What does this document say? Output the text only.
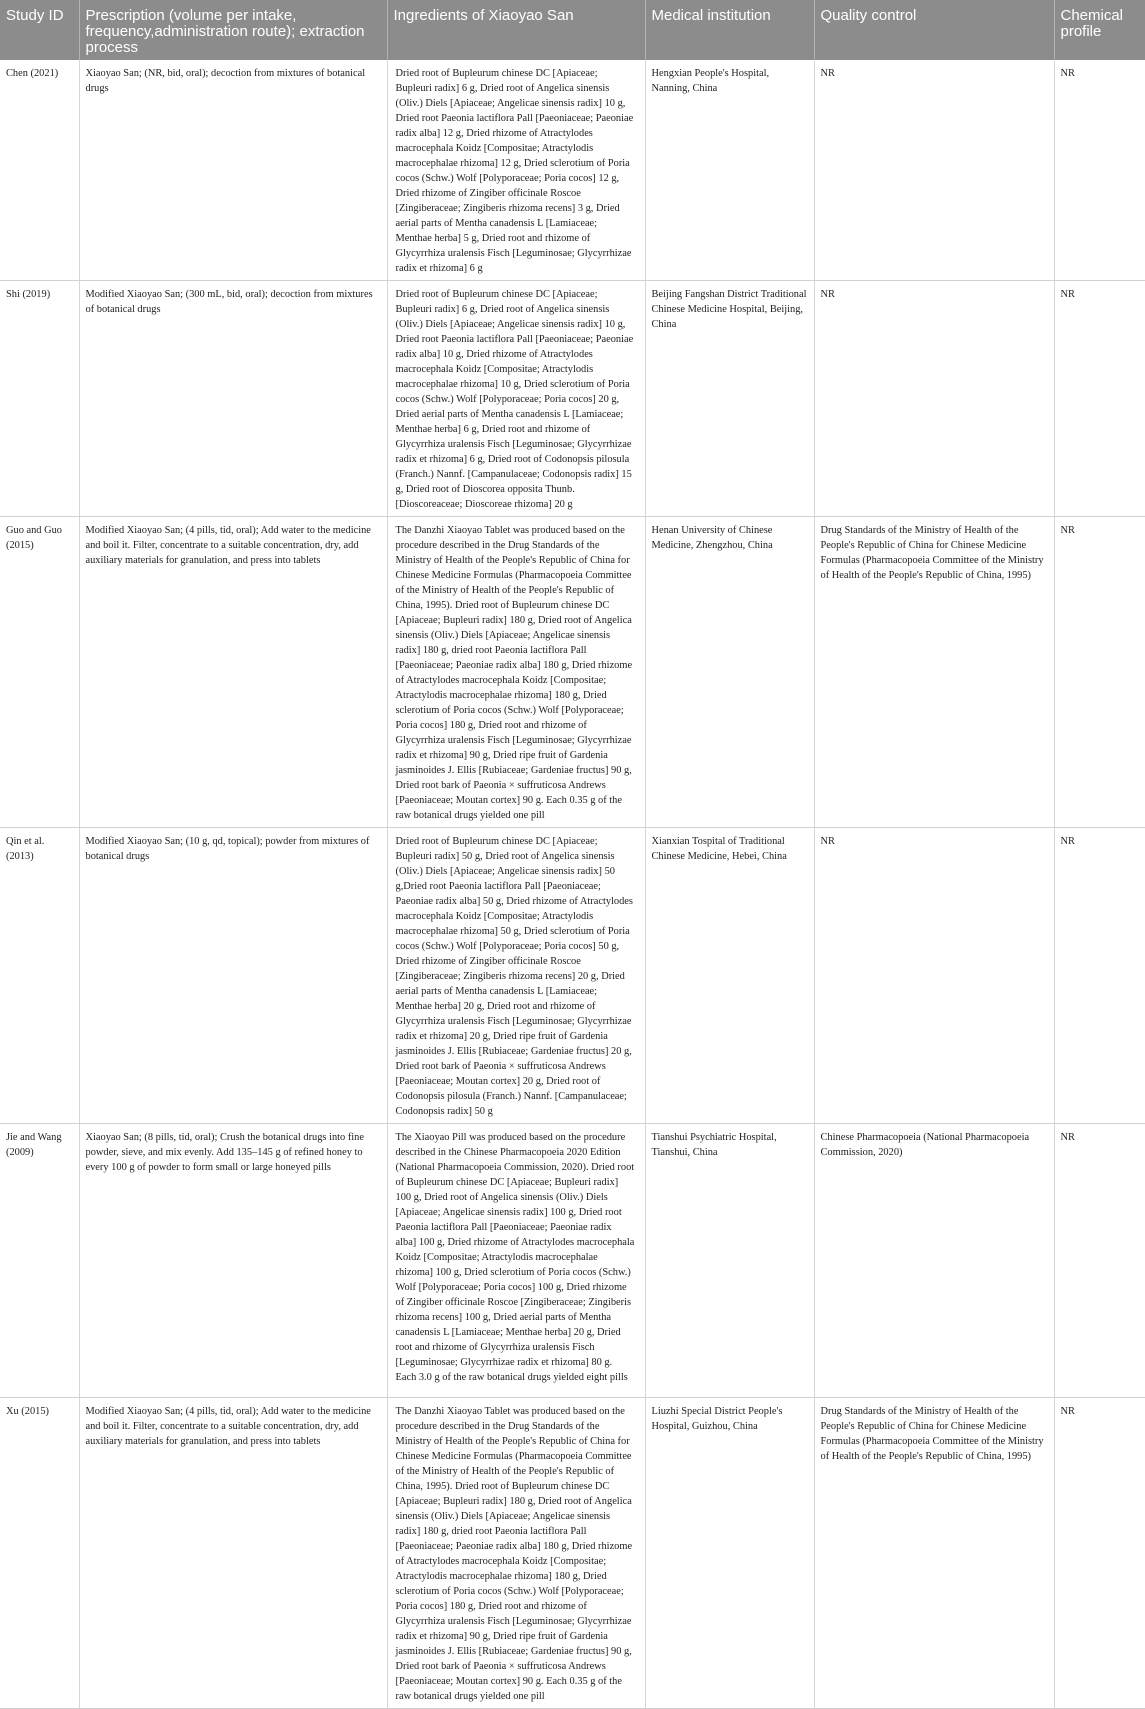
Study ID	Prescription (volume per intake, frequency,administration route); extraction process	Ingredients of Xiaoyao San	Medical institution	Quality control	Chemical profile
Chen (2021)	Xiaoyao San; (NR, bid, oral); decoction from mixtures of botanical drugs	Dried root of Bupleurum chinese DC [Apiaceae; Bupleuri radix] 6 g, Dried root of Angelica sinensis (Oliv.) Diels [Apiaceae; Angelicae sinensis radix] 10 g, Dried root Paeonia lactiflora Pall [Paeoniaceae; Paeoniae radix alba] 12 g, Dried rhizome of Atractylodes macrocephala Koidz [Compositae; Atractylodis macrocephalae rhizoma] 12 g, Dried sclerotium of Poria cocos (Schw.) Wolf [Polyporaceae; Poria cocos] 12 g, Dried rhizome of Zingiber officinale Roscoe [Zingiberaceae; Zingiberis rhizoma recens] 3 g, Dried aerial parts of Mentha canadensis L [Lamiaceae; Menthae herba] 5 g, Dried root and rhizome of Glycyrrhiza uralensis Fisch [Leguminosae; Glycyrrhizae radix et rhizoma] 6 g	Hengxian People's Hospital, Nanning, China	NR	NR
Shi (2019)	Modified Xiaoyao San; (300 mL, bid, oral); decoction from mixtures of botanical drugs	Dried root of Bupleurum chinese DC [Apiaceae; Bupleuri radix] 6 g, Dried root of Angelica sinensis (Oliv.) Diels [Apiaceae; Angelicae sinensis radix] 10 g, Dried root Paeonia lactiflora Pall [Paeoniaceae; Paeoniae radix alba] 10 g, Dried rhizome of Atractylodes macrocephala Koidz [Compositae; Atractylodis macrocephalae rhizoma] 10 g, Dried sclerotium of Poria cocos (Schw.) Wolf [Polyporaceae; Poria cocos] 20 g, Dried aerial parts of Mentha canadensis L [Lamiaceae; Menthae herba] 6 g, Dried root and rhizome of Glycyrrhiza uralensis Fisch [Leguminosae; Glycyrrhizae radix et rhizoma] 6 g, Dried root of Codonopsis pilosula (Franch.) Nannf. [Campanulaceae; Codonopsis radix] 15 g, Dried root of Dioscorea opposita Thunb. [Dioscoreaceae; Dioscoreae rhizoma] 20 g	Beijing Fangshan District Traditional Chinese Medicine Hospital, Beijing, China	NR	NR
Guo and Guo (2015)	Modified Xiaoyao San; (4 pills, tid, oral); Add water to the medicine and boil it. Filter, concentrate to a suitable concentration, dry, add auxiliary materials for granulation, and press into tablets	The Danzhi Xiaoyao Tablet was produced based on the procedure described in the Drug Standards of the Ministry of Health of the People's Republic of China for Chinese Medicine Formulas (Pharmacopoeia Committee of the Ministry of Health of the People's Republic of China, 1995). Dried root of Bupleurum chinese DC [Apiaceae; Bupleuri radix] 180 g, Dried root of Angelica sinensis (Oliv.) Diels [Apiaceae; Angelicae sinensis radix] 180 g, dried root Paeonia lactiflora Pall [Paeoniaceae; Paeoniae radix alba] 180 g, Dried rhizome of Atractylodes macrocephala Koidz [Compositae; Atractylodis macrocephalae rhizoma] 180 g, Dried sclerotium of Poria cocos (Schw.) Wolf [Polyporaceae; Poria cocos] 180 g, Dried root and rhizome of Glycyrrhiza uralensis Fisch [Leguminosae; Glycyrrhizae radix et rhizoma] 90 g, Dried ripe fruit of Gardenia jasminoides J. Ellis [Rubiaceae; Gardeniae fructus] 90 g, Dried root bark of Paeonia × suffruticosa Andrews [Paeoniaceae; Moutan cortex] 90 g. Each 0.35 g of the raw botanical drugs yielded one pill	Henan University of Chinese Medicine, Zhengzhou, China	Drug Standards of the Ministry of Health of the People's Republic of China for Chinese Medicine Formulas (Pharmacopoeia Committee of the Ministry of Health of the People's Republic of China, 1995)	NR
Qin et al. (2013)	Modified Xiaoyao San; (10 g, qd, topical); powder from mixtures of botanical drugs	Dried root of Bupleurum chinese DC [Apiaceae; Bupleuri radix] 50 g, Dried root of Angelica sinensis (Oliv.) Diels [Apiaceae; Angelicae sinensis radix] 50 g,Dried root Paeonia lactiflora Pall [Paeoniaceae; Paeoniae radix alba] 50 g, Dried rhizome of Atractylodes macrocephala Koidz [Compositae; Atractylodis macrocephalae rhizoma] 50 g, Dried sclerotium of Poria cocos (Schw.) Wolf [Polyporaceae; Poria cocos] 50 g, Dried rhizome of Zingiber officinale Roscoe [Zingiberaceae; Zingiberis rhizoma recens] 20 g, Dried aerial parts of Mentha canadensis L [Lamiaceae; Menthae herba] 20 g, Dried root and rhizome of Glycyrrhiza uralensis Fisch [Leguminosae; Glycyrrhizae radix et rhizoma] 20 g, Dried ripe fruit of Gardenia jasminoides J. Ellis [Rubiaceae; Gardeniae fructus] 20 g, Dried root bark of Paeonia × suffruticosa Andrews [Paeoniaceae; Moutan cortex] 20 g, Dried root of Codonopsis pilosula (Franch.) Nannf. [Campanulaceae; Codonopsis radix] 50 g	Xianxian Tospital of Traditional Chinese Medicine, Hebei, China	NR	NR
Jie and Wang (2009)	Xiaoyao San; (8 pills, tid, oral); Crush the botanical drugs into fine powder, sieve, and mix evenly. Add 135–145 g of refined honey to every 100 g of powder to form small or large honeyed pills	The Xiaoyao Pill was produced based on the procedure described in the Chinese Pharmacopoeia 2020 Edition (National Pharmacopoeia Commission, 2020). Dried root of Bupleurum chinese DC [Apiaceae; Bupleuri radix] 100 g, Dried root of Angelica sinensis (Oliv.) Diels [Apiaceae; Angelicae sinensis radix] 100 g, Dried root Paeonia lactiflora Pall [Paeoniaceae; Paeoniae radix alba] 100 g, Dried rhizome of Atractylodes macrocephala Koidz [Compositae; Atractylodis macrocephalae rhizoma] 100 g, Dried sclerotium of Poria cocos (Schw.) Wolf [Polyporaceae; Poria cocos] 100 g, Dried rhizome of Zingiber officinale Roscoe [Zingiberaceae; Zingiberis rhizoma recens] 100 g, Dried aerial parts of Mentha canadensis L [Lamiaceae; Menthae herba] 20 g, Dried root and rhizome of Glycyrrhiza uralensis Fisch [Leguminosae; Glycyrrhizae radix et rhizoma] 80 g. Each 3.0 g of the raw botanical drugs yielded eight pills	Tianshui Psychiatric Hospital, Tianshui, China	Chinese Pharmacopoeia (National Pharmacopoeia Commission, 2020)	NR
Xu (2015)	Modified Xiaoyao San; (4 pills, tid, oral); Add water to the medicine and boil it. Filter, concentrate to a suitable concentration, dry, add auxiliary materials for granulation, and press into tablets	The Danzhi Xiaoyao Tablet was produced based on the procedure described in the Drug Standards of the Ministry of Health of the People's Republic of China for Chinese Medicine Formulas (Pharmacopoeia Committee of the Ministry of Health of the People's Republic of China, 1995). Dried root of Bupleurum chinese DC [Apiaceae; Bupleuri radix] 180 g, Dried root of Angelica sinensis (Oliv.) Diels [Apiaceae; Angelicae sinensis radix] 180 g, dried root Paeonia lactiflora Pall [Paeoniaceae; Paeoniae radix alba] 180 g, Dried rhizome of Atractylodes macrocephala Koidz [Compositae; Atractylodis macrocephalae rhizoma] 180 g, Dried sclerotium of Poria cocos (Schw.) Wolf [Polyporaceae; Poria cocos] 180 g, Dried root and rhizome of Glycyrrhiza uralensis Fisch [Leguminosae; Glycyrrhizae radix et rhizoma] 90 g, Dried ripe fruit of Gardenia jasminoides J. Ellis [Rubiaceae; Gardeniae fructus] 90 g, Dried root bark of Paeonia × suffruticosa Andrews [Paeoniaceae; Moutan cortex] 90 g. Each 0.35 g of the raw botanical drugs yielded one pill	Liuzhi Special District People's Hospital, Guizhou, China	Drug Standards of the Ministry of Health of the People's Republic of China for Chinese Medicine Formulas (Pharmacopoeia Committee of the Ministry of Health of the People's Republic of China, 1995)	NR
